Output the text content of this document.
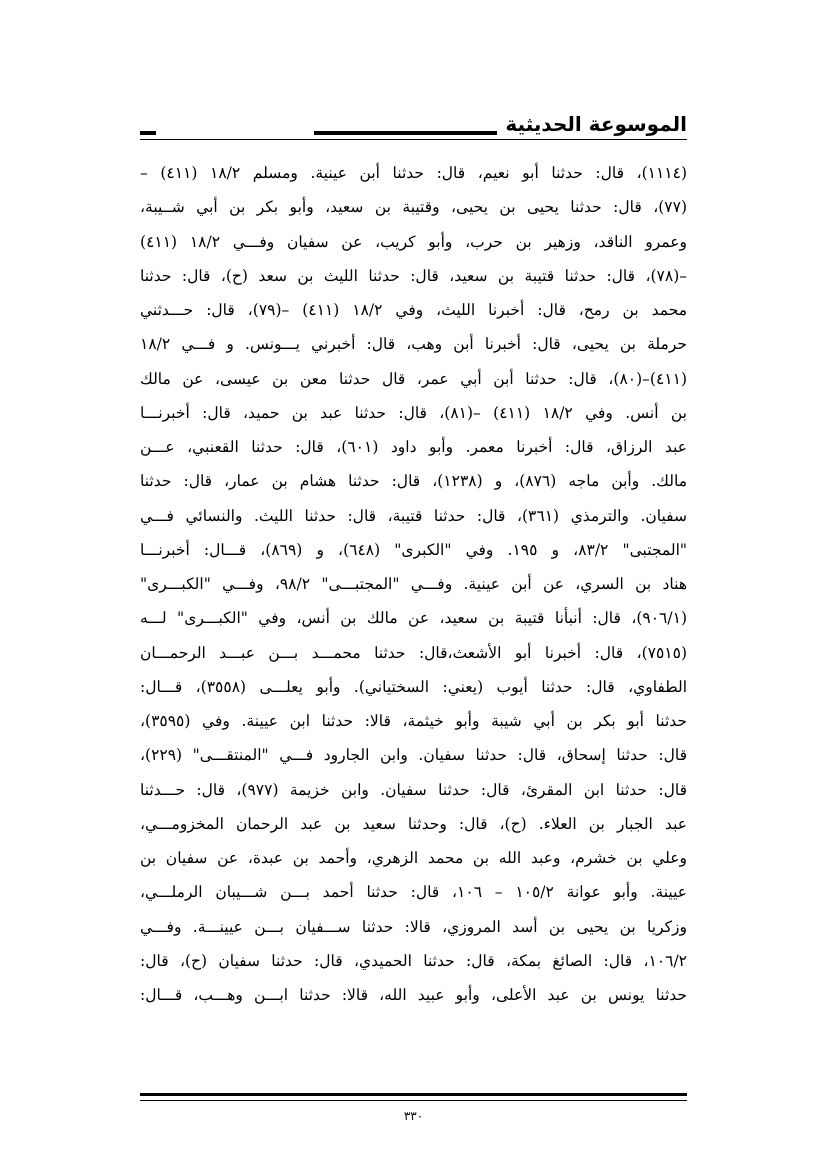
الموسوعة الحديثية
(١١١٤)، قال: حدثنا أبو نعيم، قال: حدثنا أبن عينية. ومسلم ١٨/٢ (٤١١) –
(٧٧)، قال: حدثنا يحيى بن يحيى، وقتيبة بن سعيد، وأبو بكر بن أبي شــيبة،
وعمرو الناقد، وزهير بن حرب، وأبو كريب، عن سفيان وفـــي ١٨/٢ (٤١١)
–(٧٨)، قال: حدثنا قتيبة بن سعيد، قال: حدثنا الليث بن سعد (ح)، قال: حدثنا
محمد بن رمح، قال: أخبرنا الليث، وفي ١٨/٢ (٤١١) –(٧٩)، قال: حـــدثني
حرملة بن يحيى، قال: أخبرنا أبن وهب، قال: أخبرني يـــونس. و فـــي ١٨/٢
(٤١١)–(٨٠)، قال: حدثنا أبن أبي عمر، قال حدثنا معن بن عيسى، عن مالك
بن أنس. وفي ١٨/٢ (٤١١) –(٨١)، قال: حدثنا عبد بن حميد، قال: أخبرنـــا
عبد الرزاق، قال: أخبرنا معمر. وأبو داود (٦٠١)، قال: حدثنا القعنبي، عـــن
مالك. وأبن ماجه (٨٧٦)، و (١٢٣٨)، قال: حدثنا هشام بن عمار، قال: حدثنا
سفيان. والترمذي (٣٦١)، قال: حدثنا قتيبة، قال: حدثنا الليث. والنسائي فـــي
"المجتبى" ٨٣/٢، و ١٩٥. وفي "الكبرى" (٦٤٨)، و (٨٦٩)، قـــال: أخبرنـــا
هناد بن السري، عن أبن عينية. وفـــي "المجتبـــى" ٩٨/٢، وفـــي "الكبـــرى"
(٩٠٦/١)، قال: أنبأنا قتيبة بن سعيد، عن مالك بن أنس، وفي "الكبـــرى" لـــه
(٧٥١٥)، قال: أخبرنا أبو الأشعث،قال: حدثنا محمـــد بـــن عبـــد الرحمـــان
الطفاوي، قال: حدثنا أيوب (يعني: السختياني). وأبو يعلـــى (٣٥٥٨)، قـــال:
حدثنا أبو بكر بن أبي شيبة وأبو خيثمة، قالا: حدثنا ابن عيينة. وفي (٣٥٩٥)،
قال: حدثنا إسحاق، قال: حدثنا سفيان. وابن الجارود فـــي "المنتقـــى" (٢٢٩)،
قال: حدثنا ابن المقرئ، قال: حدثنا سفيان. وابن خزيمة (٩٧٧)، قال: حـــدثنا
عبد الجبار بن العلاء. (ح)، قال: وحدثنا سعيد بن عبد الرحمان المخزومـــي،
وعلي بن خشرم، وعبد الله بن محمد الزهري، وأحمد بن عبدة، عن سفيان بن
عيينة. وأبو عوانة ١٠٥/٢ – ١٠٦، قال: حدثنا أحمد بـــن شـــيبان الرملـــي،
وزكريا بن يحيى بن أسد المروزي، قالا: حدثنا ســـفيان بـــن عيينـــة. وفـــي
١٠٦/٢، قال: الصائغ بمكة، قال: حدثنا الحميدي، قال: حدثنا سفيان (ح)، قال:
حدثنا يونس بن عبد الأعلى، وأبو عبيد الله، قالا: حدثنا ابـــن وهـــب، قـــال:
٣٣٠
